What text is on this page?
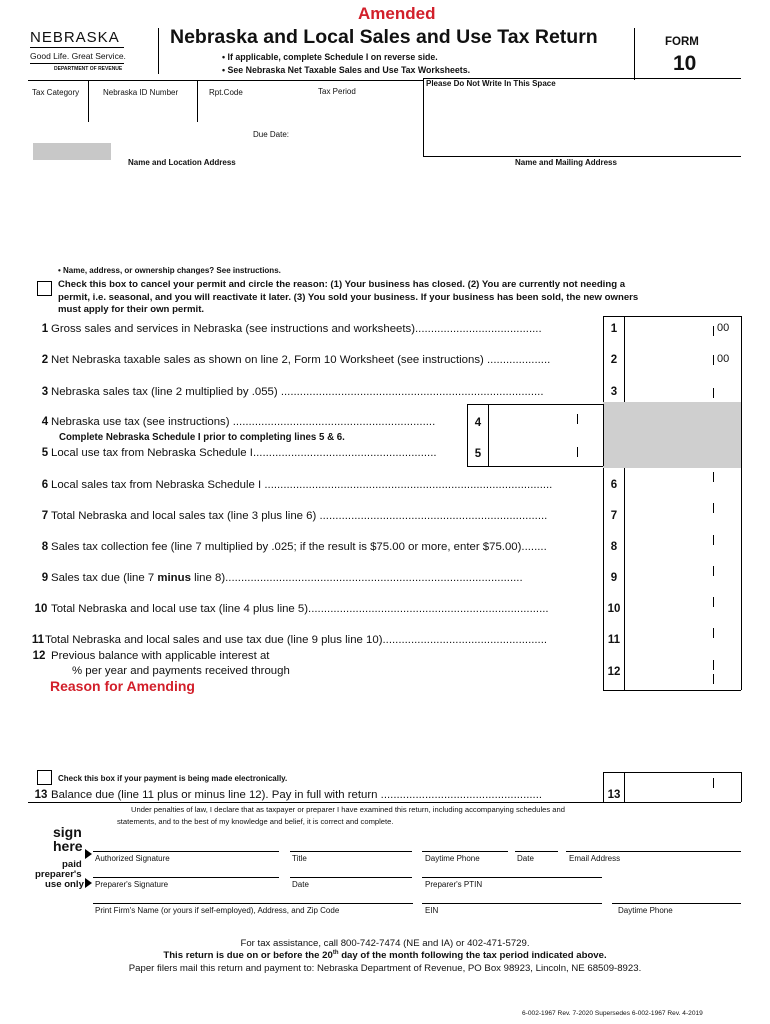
Amended
NEBRASKA
Good Life. Great Service.
DEPARTMENT OF REVENUE
Nebraska and Local Sales and Use Tax Return
• If applicable, complete Schedule I on reverse side.
• See Nebraska Net Taxable Sales and Use Tax Worksheets.
FORM
10
Please Do Not Write In This Space
Tax Category	Nebraska ID Number	Rpt.Code	Tax Period
Due Date:
Name and Location Address	Name and Mailing Address
• Name, address, or ownership changes? See instructions.
Check this box to cancel your permit and circle the reason: (1) Your business has closed. (2) You are currently not needing a
permit, i.e. seasonal, and you will reactivate it later. (3) You sold your business. If your business has been sold, the new owners
must apply for their own permit.
1 Gross sales and services in Nebraska (see instructions and worksheets)........................................	1	00
2 Net Nebraska taxable sales as shown on line 2, Form 10 Worksheet (see instructions) ....................	2	00
3 Nebraska sales tax (line 2 multiplied by .055) ...................................................................................	3
4 Nebraska use tax (see instructions) ................................................................	4
Complete Nebraska Schedule I prior to completing lines 5 & 6.
5 Local use tax from Nebraska Schedule I..........................................................	5
6 Local sales tax from Nebraska Schedule I ...........................................................................................	6
7 Total Nebraska and local sales tax (line 3 plus line 6) ........................................................................	7
8 Sales tax collection fee (line 7 multiplied by .025; if the result is $75.00 or more, enter $75.00)........	8
9 Sales tax due (line 7 minus line 8)..............................................................................................	9
10 Total Nebraska and local use tax (line 4 plus line 5)............................................................................	10
11 Total Nebraska and local sales and use tax due (line 9 plus line 10)....................................................	11
12 Previous balance with applicable interest at
% per year and payments received through	12
Reason for Amending
Check this box if your payment is being made electronically.
13 Balance due (line 11 plus or minus line 12). Pay in full with return ...................................................	13
Under penalties of law, I declare that as taxpayer or preparer I have examined this return, including accompanying schedules and
statements, and to the best of my knowledge and belief, it is correct and complete.
sign
here
paid
preparer's
use only
Authorized Signature	Title	Daytime Phone	Date	Email Address
Preparer's Signature	Date	Preparer's PTIN
Print Firm's Name (or yours if self-employed), Address, and Zip Code	EIN	Daytime Phone
For tax assistance, call 800-742-7474 (NE and IA) or 402-471-5729.
This return is due on or before the 20th day of the month following the tax period indicated above.
Paper filers mail this return and payment to: Nebraska Department of Revenue, PO Box 98923, Lincoln, NE 68509-8923.
6-002-1967 Rev. 7-2020 Supersedes 6-002-1967 Rev. 4-2019
